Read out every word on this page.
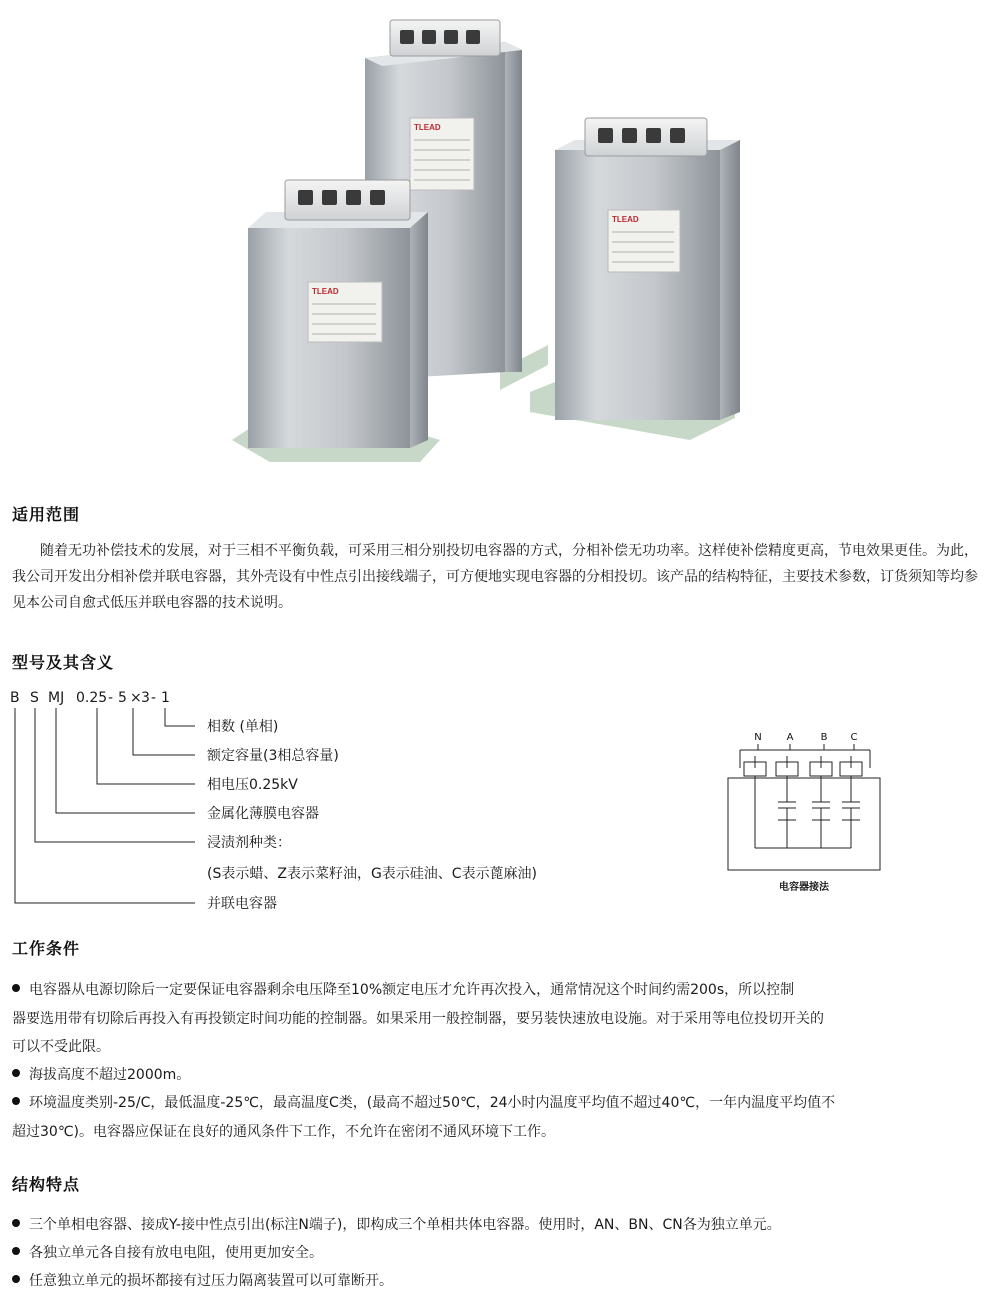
TLEAD
TLEAD
TLEAD
适用范围
随着无功补偿技术的发展，对于三相不平衡负载，可采用三相分别投切电容器的方式，分相补偿无功功率。这样使补偿精度更高，节电效果更佳。为此，我公司开发出分相补偿并联电容器，其外壳设有中性点引出接线端子，可方便地实现电容器的分相投切。该产品的结构特征，主要技术参数，订货须知等均参见本公司自愈式低压并联电容器的技术说明。
型号及其含义
B S MJ 0.25 - 5 × 3 - 1
相数 (单相)
额定容量(3相总容量)
相电压0.25kV
金属化薄膜电容器
浸渍剂种类：
(S表示蜡、Z表示菜籽油，G表示硅油、C表示蓖麻油)
并联电容器
N A	B C
电容器接法
工作条件
电容器从电源切除后一定要保证电容器剩余电压降至10%额定电压才允许再次投入，通常情况这个时间约需200s，所以控制
器要选用带有切除后再投入有再投锁定时间功能的控制器。如果采用一般控制器，要另装快速放电设施。对于采用等电位投切开关的
可以不受此限。
海拔高度不超过2000m。
环境温度类别-25/C，最低温度-25℃，最高温度C类，(最高不超过50℃，24小时内温度平均值不超过40℃，一年内温度平均值不
超过30℃)。电容器应保证在良好的通风条件下工作，不允许在密闭不通风环境下工作。
结构特点
三个单相电容器、接成Y-接中性点引出(标注N端子)，即构成三个单相共体电容器。使用时，AN、BN、CN各为独立单元。
各独立单元各自接有放电电阻，使用更加安全。
任意独立单元的损坏都接有过压力隔离装置可以可靠断开。
